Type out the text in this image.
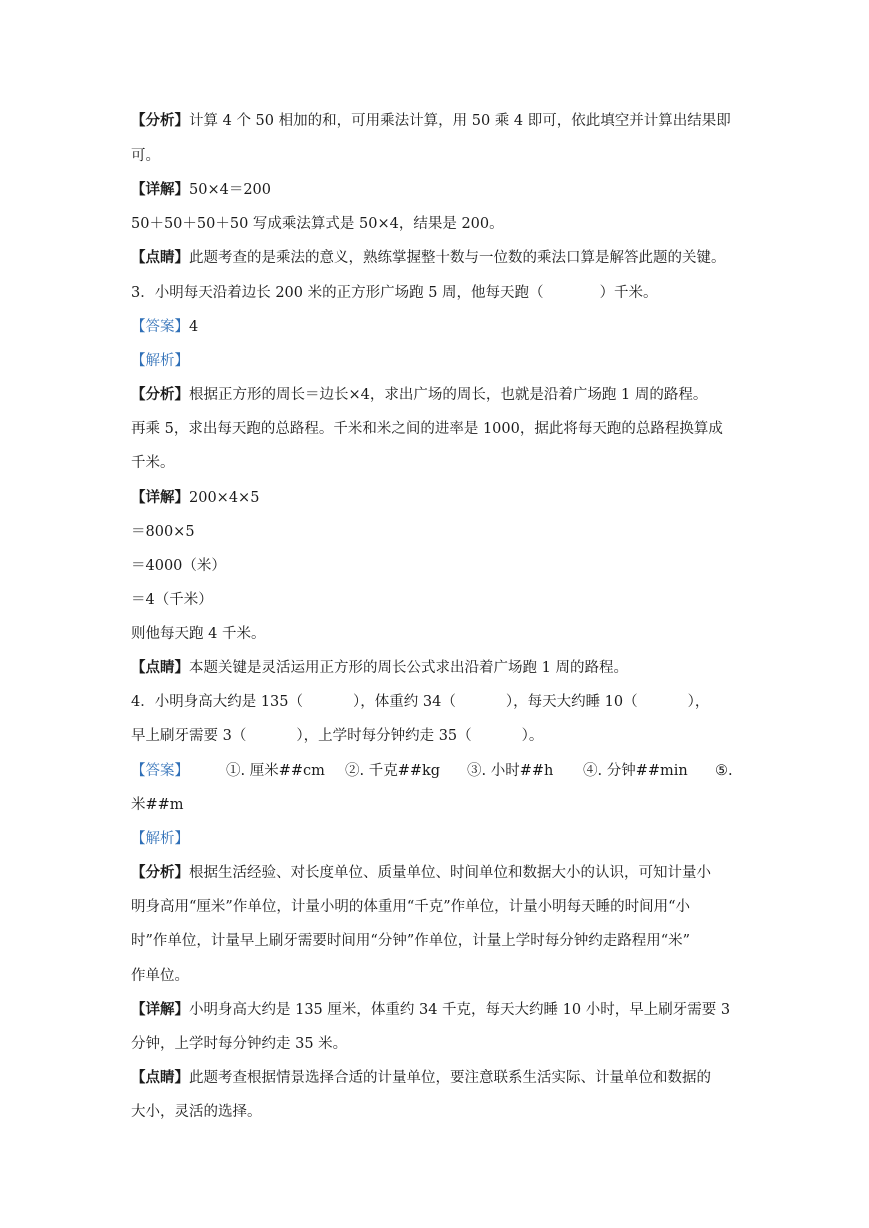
【分析】计算 4 个 50 相加的和，可用乘法计算，用 50 乘 4 即可，依此填空并计算出结果即
可。
【详解】50×4＝200
50＋50＋50＋50 写成乘法算式是 50×4，结果是 200。
【点睛】此题考查的是乘法的意义，熟练掌握整十数与一位数的乘法口算是解答此题的关键。
3．小明每天沿着边长 200 米的正方形广场跑 5 周，他每天跑（	）千米。
【答案】4
【解析】
【分析】根据正方形的周长＝边长×4，求出广场的周长，也就是沿着广场跑 1 周的路程。
再乘 5，求出每天跑的总路程。千米和米之间的进率是 1000，据此将每天跑的总路程换算成
千米。
【详解】200×4×5
＝800×5
＝4000（米）
＝4（千米）
则他每天跑 4 千米。
【点睛】本题关键是灵活运用正方形的周长公式求出沿着广场跑 1 周的路程。
4．小明身高大约是 135（	），体重约 34（	），每天大约睡 10（	），
早上刷牙需要 3（	），上学时每分钟约走 35（	）。
【答案】	①. 厘米##cm ②. 千克##kg ③. 小时##h ④. 分钟##min ⑤.
米##m
【解析】
【分析】根据生活经验、对长度单位、质量单位、时间单位和数据大小的认识，可知计量小
明身高用“厘米”作单位，计量小明的体重用“千克”作单位，计量小明每天睡的时间用“小
时”作单位，计量早上刷牙需要时间用“分钟”作单位，计量上学时每分钟约走路程用“米”
作单位。
【详解】小明身高大约是 135 厘米，体重约 34 千克，每天大约睡 10 小时，早上刷牙需要 3
分钟，上学时每分钟约走 35 米。
【点睛】此题考查根据情景选择合适的计量单位，要注意联系生活实际、计量单位和数据的
大小，灵活的选择。
